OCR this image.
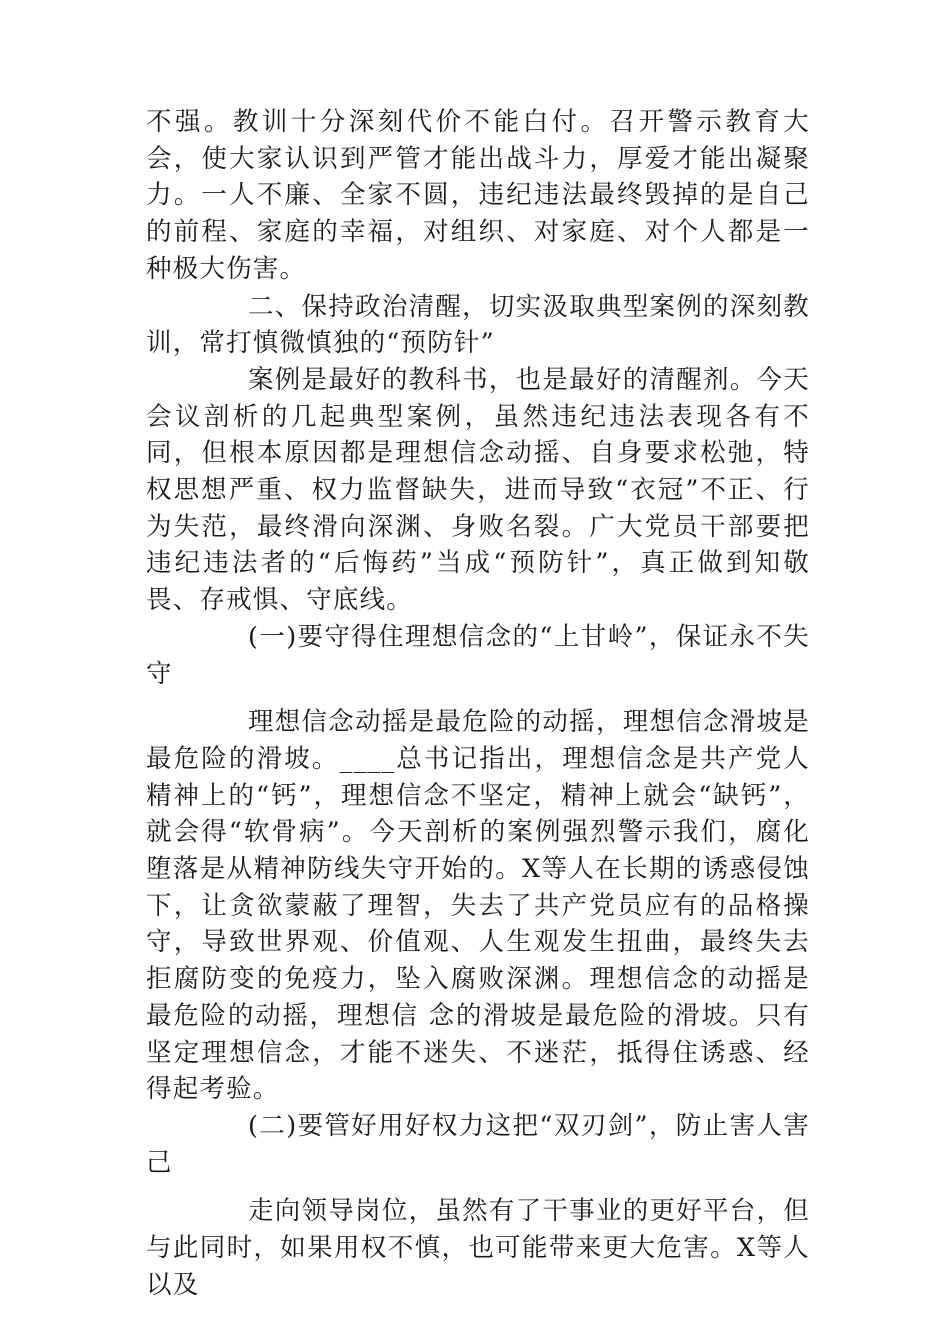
不强。教训十分深刻代价不能白付。召开警示教育大会，使大家认识到严管才能出战斗力，厚爱才能出凝聚力。一人不廉、全家不圆，违纪违法最终毁掉的是自己的前程、家庭的幸福，对组织、对家庭、对个人都是一种极大伤害。

二、保持政治清醒，切实汲取典型案例的深刻教训，常打慎微慎独的“预防针”

案例是最好的教科书，也是最好的清醒剂。今天会议剖析的几起典型案例，虽然违纪违法表现各有不同，但根本原因都是理想信念动摇、自身要求松弛，特权思想严重、权力监督缺失，进而导致“衣冠”不正、行为失范，最终滑向深渊、身败名裂。广大党员干部要把违纪违法者的“后悔药”当成“预防针”，真正做到知敬畏、存戒惧、守底线。

(一)要守得住理想信念的“上甘岭”，保证永不失守

理想信念动摇是最危险的动摇，理想信念滑坡是最危险的滑坡。____总书记指出，理想信念是共产党人精神上的“钙”，理想信念不坚定，精神上就会“缺钙”，就会得“软骨病”。今天剖析的案例强烈警示我们，腐化堕落是从精神防线失守开始的。X等人在长期的诱惑侵蚀下，让贪欲蒙蔽了理智，失去了共产党员应有的品格操守，导致世界观、价值观、人生观发生扭曲，最终失去拒腐防变的免疫力，坠入腐败深渊。理想信念的动摇是最危险的动摇，理想信 念的滑坡是最危险的滑坡。只有坚定理想信念，才能不迷失、不迷茫，抵得住诱惑、经得起考验。

(二)要管好用好权力这把“双刃剑”，防止害人害己

走向领导岗位，虽然有了干事业的更好平台，但与此同时，如果用权不慎，也可能带来更大危害。X等人以及
